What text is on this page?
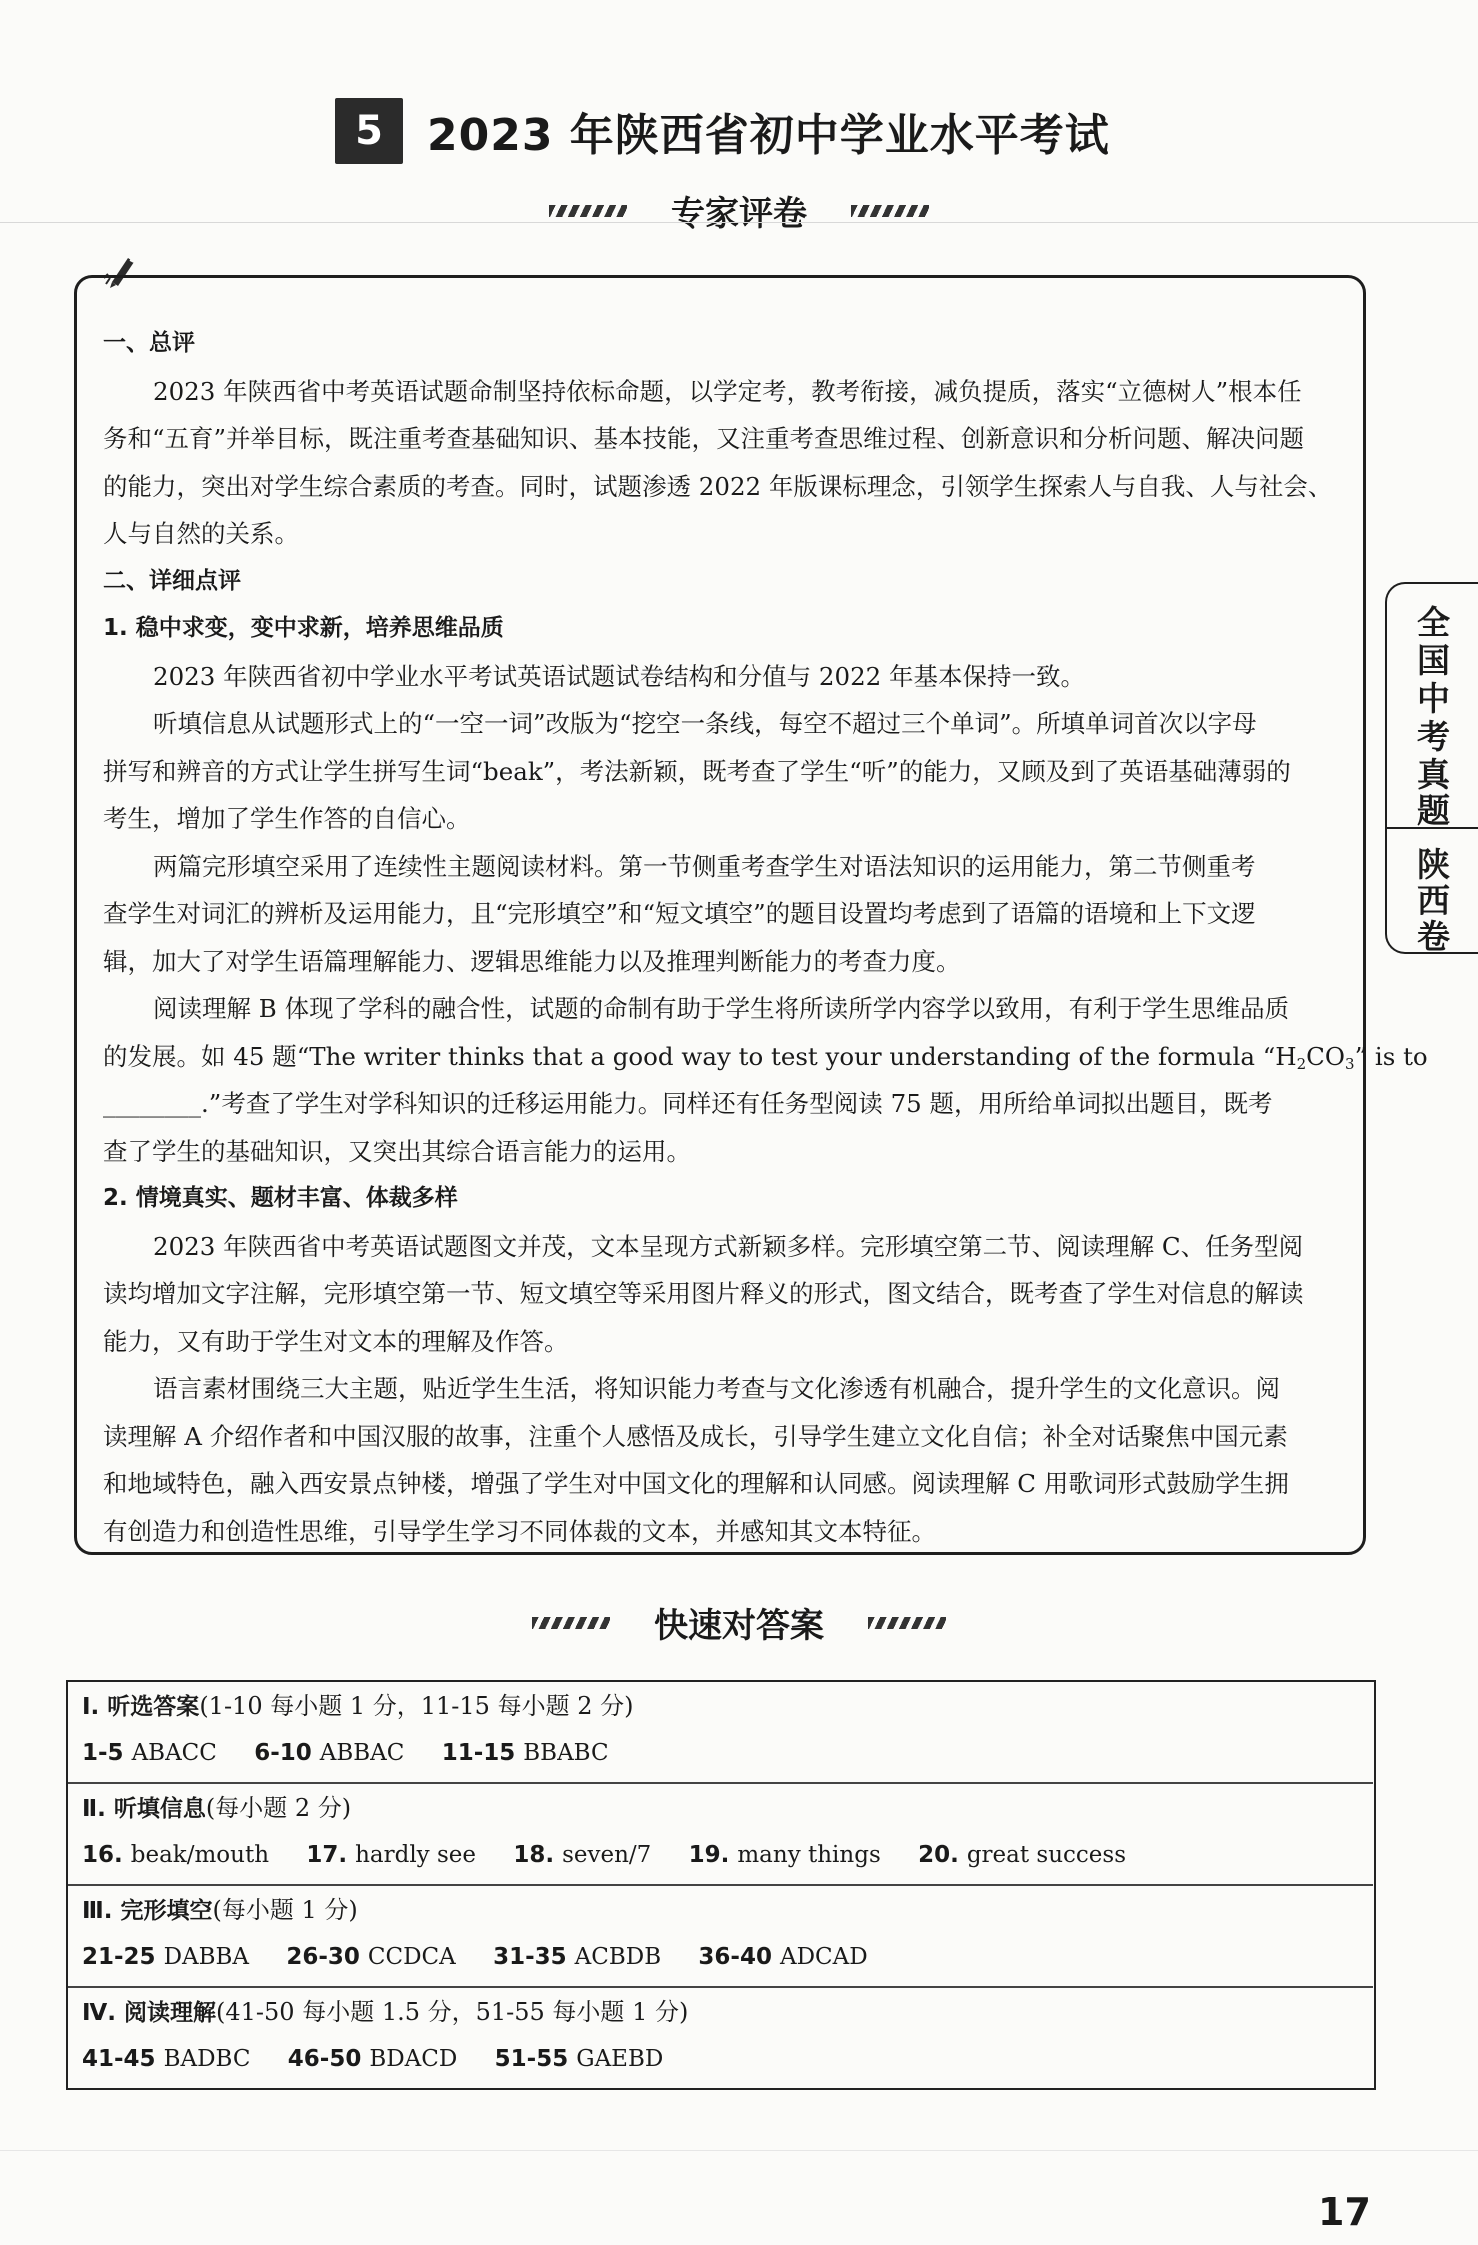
5	2023 年陕西省初中学业水平考试
专家评卷
一、总评
2023 年陕西省中考英语试题命制坚持依标命题，以学定考，教考衔接，减负提质，落实“立德树人”根本任
务和“五育”并举目标，既注重考查基础知识、基本技能，又注重考查思维过程、创新意识和分析问题、解决问题
的能力，突出对学生综合素质的考查。同时，试题渗透 2022 年版课标理念，引领学生探索人与自我、人与社会、
人与自然的关系。
二、详细点评
1. 稳中求变，变中求新，培养思维品质
2023 年陕西省初中学业水平考试英语试题试卷结构和分值与 2022 年基本保持一致。
听填信息从试题形式上的“一空一词”改版为“挖空一条线，每空不超过三个单词”。所填单词首次以字母
拼写和辨音的方式让学生拼写生词“beak”，考法新颖，既考查了学生“听”的能力，又顾及到了英语基础薄弱的
考生，增加了学生作答的自信心。
两篇完形填空采用了连续性主题阅读材料。第一节侧重考查学生对语法知识的运用能力，第二节侧重考
查学生对词汇的辨析及运用能力，且“完形填空”和“短文填空”的题目设置均考虑到了语篇的语境和上下文逻
辑，加大了对学生语篇理解能力、逻辑思维能力以及推理判断能力的考查力度。
阅读理解 B 体现了学科的融合性，试题的命制有助于学生将所读所学内容学以致用，有利于学生思维品质
的发展。如 45 题“The writer thinks that a good way to test your understanding of the formula “$H_2CO_3$” is to
________.”考查了学生对学科知识的迁移运用能力。同样还有任务型阅读 75 题，用所给单词拟出题目，既考
查了学生的基础知识，又突出其综合语言能力的运用。
2. 情境真实、题材丰富、体裁多样
2023 年陕西省中考英语试题图文并茂，文本呈现方式新颖多样。完形填空第二节、阅读理解 C、任务型阅
读均增加文字注解，完形填空第一节、短文填空等采用图片释义的形式，图文结合，既考查了学生对信息的解读
能力，又有助于学生对文本的理解及作答。
语言素材围绕三大主题，贴近学生生活，将知识能力考查与文化渗透有机融合，提升学生的文化意识。阅
读理解 A 介绍作者和中国汉服的故事，注重个人感悟及成长，引导学生建立文化自信；补全对话聚焦中国元素
和地域特色，融入西安景点钟楼，增强了学生对中国文化的理解和认同感。阅读理解 C 用歌词形式鼓励学生拥
有创造力和创造性思维，引导学生学习不同体裁的文本，并感知其文本特征。
全
国
中
考
真
题
陕
西
卷
快速对答案
Ⅰ. 听选答案(1-10 每小题 1 分，11-15 每小题 2 分)
1-5 ABACC 6-10 ABBAC 11-15 BBABC
Ⅱ. 听填信息(每小题 2 分)
16. beak/mouth 17. hardly see 18. seven/7 19. many things 20. great success
Ⅲ. 完形填空(每小题 1 分)
21-25 DABBA 26-30 CCDCA 31-35 ACBDB 36-40 ADCAD
Ⅳ. 阅读理解(41-50 每小题 1.5 分，51-55 每小题 1 分)
41-45 BADBC 46-50 BDACD 51-55 GAEBD
17
